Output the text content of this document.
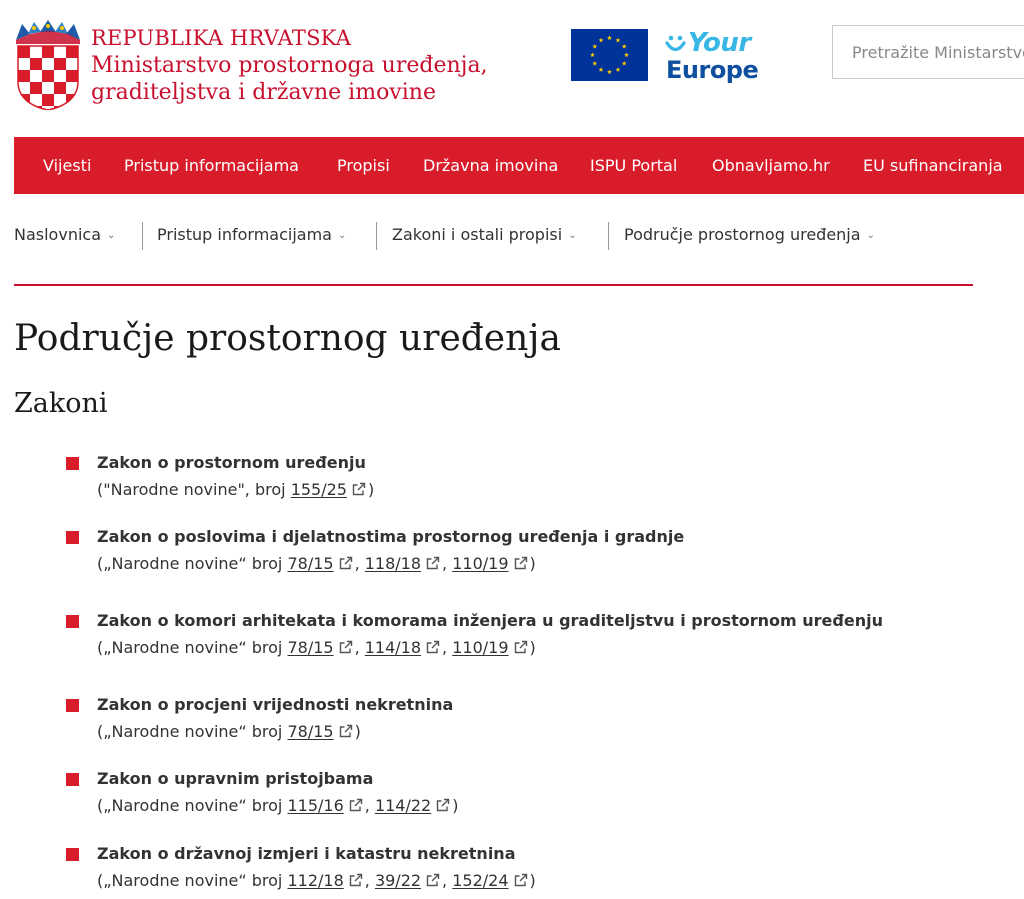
REPUBLIKA HRVATSKA
Ministarstvo prostornoga uređenja,
graditeljstva i državne imovine
Your
Europe
Pretražite Ministarstvo
Vijesti Pristup informacijama Propisi Državna imovina ISPU Portal Obnavljamo.hr EU sufinanciranja
Naslovnica ⌄	Pristup informacijama ⌄	Zakoni i ostali propisi ⌄	Područje prostornog uređenja ⌄
Područje prostornog uređenja
Zakoni
Zakon o prostornom uređenju
("Narodne novine", broj 155/25 )
Zakon o poslovima i djelatnostima prostornog uređenja i gradnje
(„Narodne novine“ broj 78/15 , 118/18 , 110/19 )
Zakon o komori arhitekata i komorama inženjera u graditeljstvu i prostornom uređenju
(„Narodne novine“ broj 78/15 , 114/18 , 110/19 )
Zakon o procjeni vrijednosti nekretnina
(„Narodne novine“ broj 78/15 )
Zakon o upravnim pristojbama
(„Narodne novine“ broj 115/16 , 114/22 )
Zakon o državnoj izmjeri i katastru nekretnina
(„Narodne novine“ broj 112/18 , 39/22 , 152/24 )
